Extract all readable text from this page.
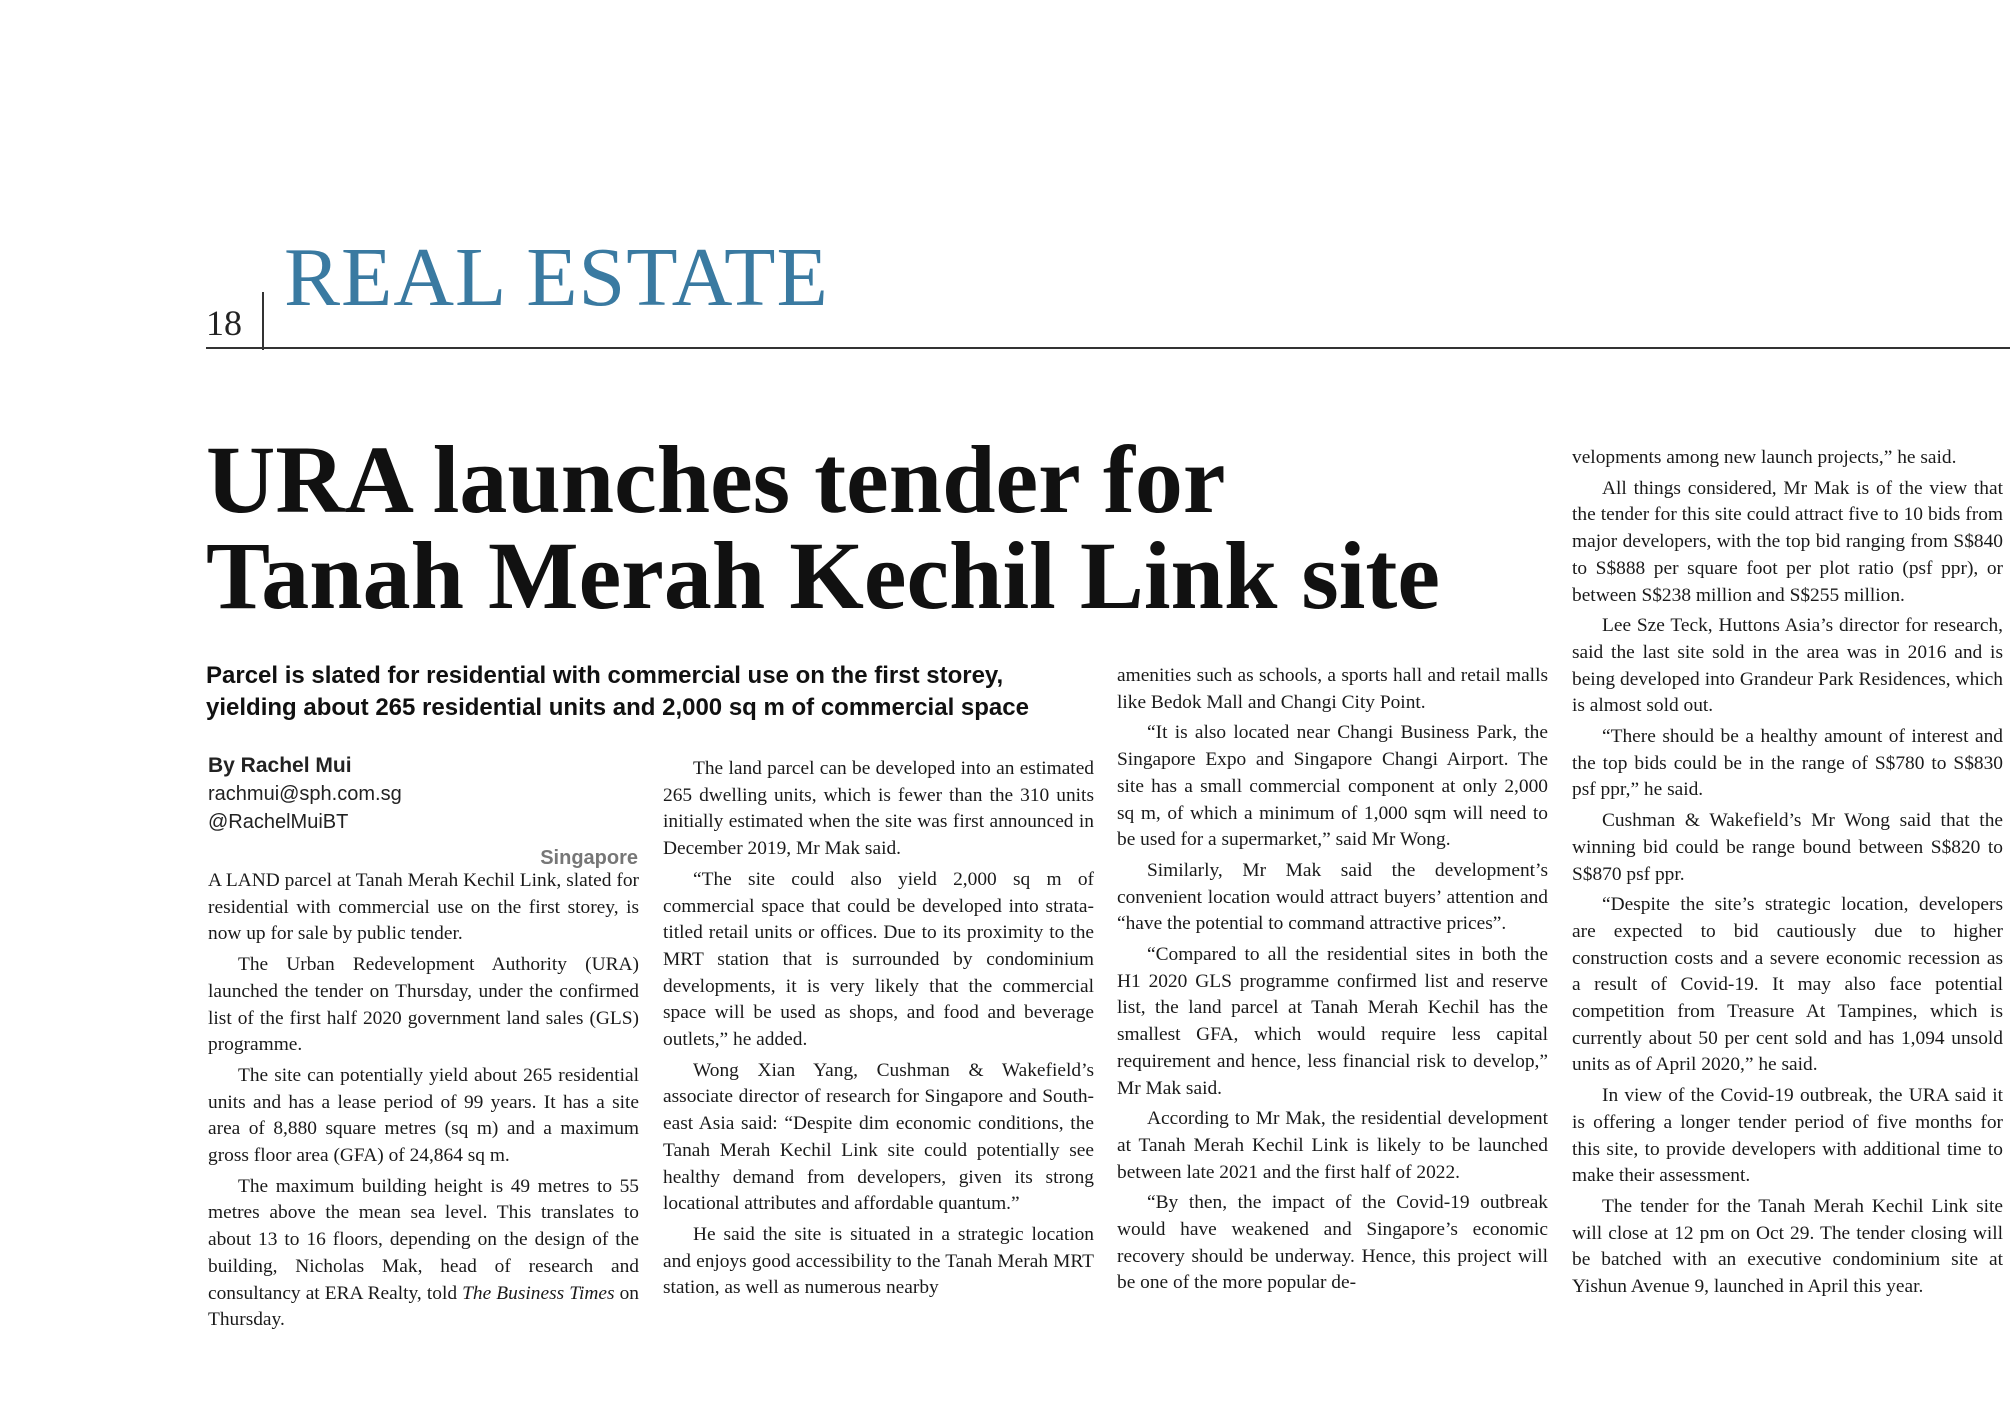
18 REAL ESTATE
URA launches tender for
Tanah Merah Kechil Link site
Parcel is slated for residential with commercial use on the first storey,
yielding about 265 residential units and 2,000 sq m of commercial space
By Rachel Mui
rachmui@sph.com.sg
@RachelMuiBT
Singapore

A LAND parcel at Tanah Merah Kechil Link, slated for residential with commercial use on the first storey, is now up for sale by public tender.

The Urban Redevelopment Authority (URA) launched the tender on Thursday, under the confirmed list of the first half 2020 government land sales (GLS) programme.

The site can potentially yield about 265 residential units and has a lease period of 99 years. It has a site area of 8,880 square metres (sq m) and a maximum gross floor area (GFA) of 24,864 sq m.

The maximum building height is 49 metres to 55 metres above the mean sea level. This translates to about 13 to 16 floors, depending on the design of the building, Nicholas Mak, head of research and consultancy at ERA Realty, told The Business Times on Thursday.

The land parcel can be developed into an estimated 265 dwelling units, which is fewer than the 310 units initially estimated when the site was first announced in December 2019, Mr Mak said.

“The site could also yield 2,000 sq m of commercial space that could be developed into strata-titled retail units or offices. Due to its proximity to the MRT station that is surrounded by condominium developments, it is very likely that the commercial space will be used as shops, and food and beverage outlets,” he added.

Wong Xian Yang, Cushman & Wakefield’s associate director of research for Singapore and South-east Asia said: “Despite dim economic conditions, the Tanah Merah Kechil Link site could potentially see healthy demand from developers, given its strong locational attributes and affordable quantum.”

He said the site is situated in a strategic location and enjoys good accessibility to the Tanah Merah MRT station, as well as numerous nearby

amenities such as schools, a sports hall and retail malls like Bedok Mall and Changi City Point.

“It is also located near Changi Business Park, the Singapore Expo and Singapore Changi Airport. The site has a small commercial component at only 2,000 sq m, of which a minimum of 1,000 sqm will need to be used for a supermarket,” said Mr Wong.

Similarly, Mr Mak said the development’s convenient location would attract buyers’ attention and “have the potential to command attractive prices”.

“Compared to all the residential sites in both the H1 2020 GLS programme confirmed list and reserve list, the land parcel at Tanah Merah Kechil has the smallest GFA, which would require less capital requirement and hence, less financial risk to develop,” Mr Mak said.

According to Mr Mak, the residential development at Tanah Merah Kechil Link is likely to be launched between late 2021 and the first half of 2022.

“By then, the impact of the Covid-19 outbreak would have weakened and Singapore’s economic recovery should be underway. Hence, this project will be one of the more popular de-

velopments among new launch projects,” he said.

All things considered, Mr Mak is of the view that the tender for this site could attract five to 10 bids from major developers, with the top bid ranging from S$840 to S$888 per square foot per plot ratio (psf ppr), or between S$238 million and S$255 million.

Lee Sze Teck, Huttons Asia’s director for research, said the last site sold in the area was in 2016 and is being developed into Grandeur Park Residences, which is almost sold out.

“There should be a healthy amount of interest and the top bids could be in the range of S$780 to S$830 psf ppr,” he said.

Cushman & Wakefield’s Mr Wong said that the winning bid could be range bound between S$820 to S$870 psf ppr.

“Despite the site’s strategic location, developers are expected to bid cautiously due to higher construction costs and a severe economic recession as a result of Covid-19. It may also face potential competition from Treasure At Tampines, which is currently about 50 per cent sold and has 1,094 unsold units as of April 2020,” he said.

In view of the Covid-19 outbreak, the URA said it is offering a longer tender period of five months for this site, to provide developers with additional time to make their assessment.

The tender for the Tanah Merah Kechil Link site will close at 12 pm on Oct 29. The tender closing will be batched with an executive condominium site at Yishun Avenue 9, launched in April this year.
